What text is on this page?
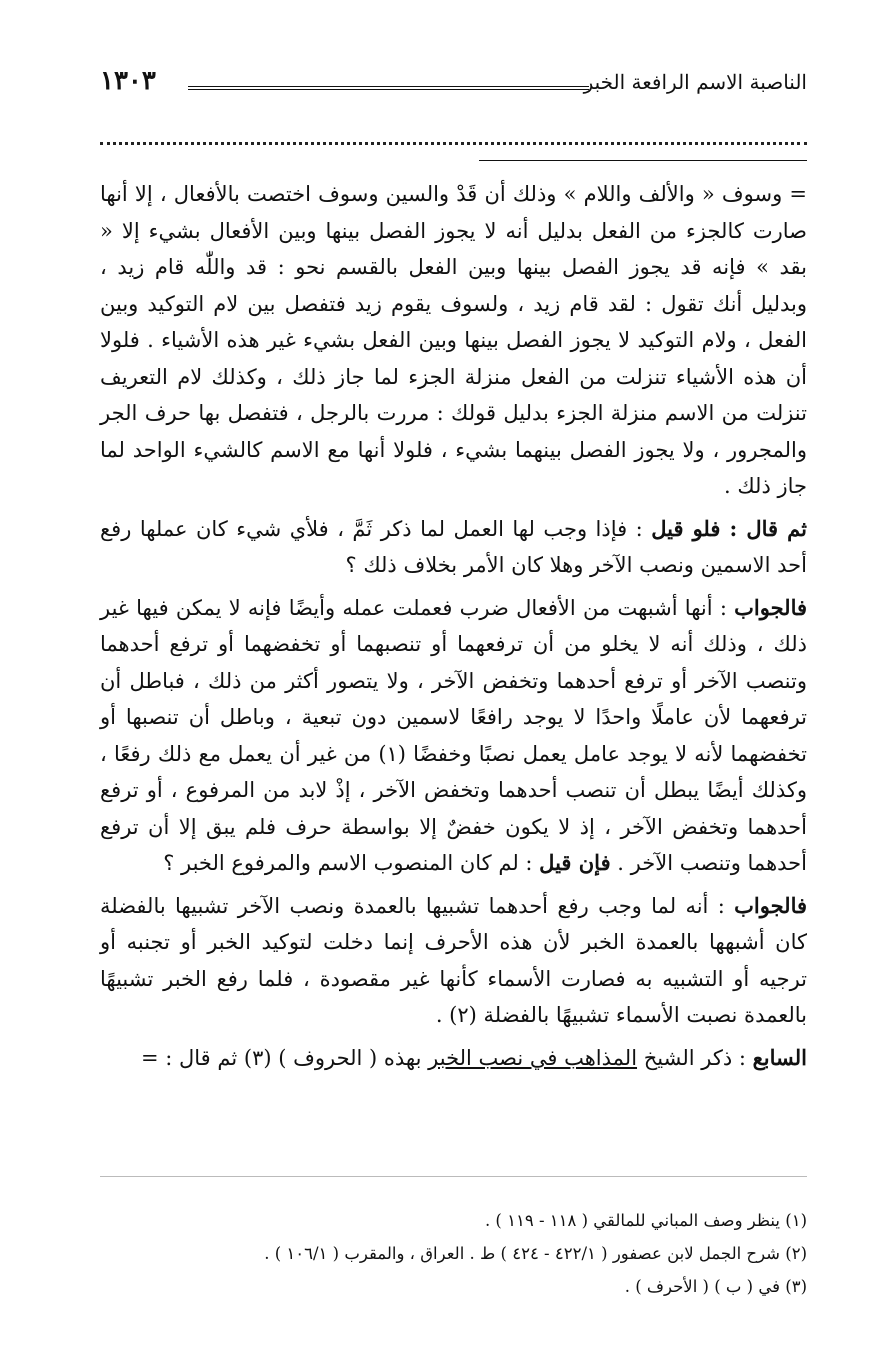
الناصبة الاسم الرافعة الخبر
١٣٠٣

= وسوف « والألف واللام » وذلك أن قَدْ والسين وسوف اختصت بالأفعال ، إلا أنها صارت كالجزء من الفعل بدليل أنه لا يجوز الفصل بينها وبين الأفعال بشيء إلا « بقد » فإنه قد يجوز الفصل بينها وبين الفعل بالقسم نحو : قد واللّٰه قام زيد ، وبدليل أنك تقول : لقد قام زيد ، ولسوف يقوم زيد فتفصل بين لام التوكيد وبين الفعل ، ولام التوكيد لا يجوز الفصل بينها وبين الفعل بشيء غير هذه الأشياء . فلولا أن هذه الأشياء تنزلت من الفعل منزلة الجزء لما جاز ذلك ، وكذلك لام التعريف تنزلت من الاسم منزلة الجزء بدليل قولك : مررت بالرجل ، فتفصل بها حرف الجر والمجرور ، ولا يجوز الفصل بينهما بشيء ، فلولا أنها مع الاسم كالشيء الواحد لما جاز ذلك .

ثم قال : فلو قيل : فإذا وجب لها العمل لما ذكر ثَمَّ ، فلأي شيء كان عملها رفع أحد الاسمين ونصب الآخر وهلا كان الأمر بخلاف ذلك ؟

فالجواب : أنها أشبهت من الأفعال ضرب فعملت عمله وأيضًا فإنه لا يمكن فيها غير ذلك ، وذلك أنه لا يخلو من أن ترفعهما أو تنصبهما أو تخفضهما أو ترفع أحدهما وتنصب الآخر أو ترفع أحدهما وتخفض الآخر ، ولا يتصور أكثر من ذلك ، فباطل أن ترفعهما لأن عاملًا واحدًا لا يوجد رافعًا لاسمين دون تبعية ، وباطل أن تنصبها أو تخفضهما لأنه لا يوجد عامل يعمل نصبًا وخفضًا (١) من غير أن يعمل مع ذلك رفعًا ، وكذلك أيضًا يبطل أن تنصب أحدهما وتخفض الآخر ، إذْ لابد من المرفوع ، أو ترفع أحدهما وتخفض الآخر ، إذ لا يكون خفضٌ إلا بواسطة حرف فلم يبق إلا أن ترفع أحدهما وتنصب الآخر . فإن قيل : لم كان المنصوب الاسم والمرفوع الخبر ؟

فالجواب : أنه لما وجب رفع أحدهما تشبيها بالعمدة ونصب الآخر تشبيها بالفضلة كان أشبهها بالعمدة الخبر لأن هذه الأحرف إنما دخلت لتوكيد الخبر أو تجنبه أو ترجيه أو التشبيه به فصارت الأسماء كأنها غير مقصودة ، فلما رفع الخبر تشبيهًا بالعمدة نصبت الأسماء تشبيهًا بالفضلة (٢) .

السابع : ذكر الشيخ المذاهب في نصب الخبر بهذه ( الحروف ) (٣) ثم قال : =

(١) ينظر وصف المباني للمالقي ( ١١٨ - ١١٩ ) .
(٢) شرح الجمل لابن عصفور ( ٤٢٢/١ - ٤٢٤ ) ط . العراق ، والمقرب ( ١٠٦/١ ) .
(٣) في ( ب ) ( الأحرف ) .
